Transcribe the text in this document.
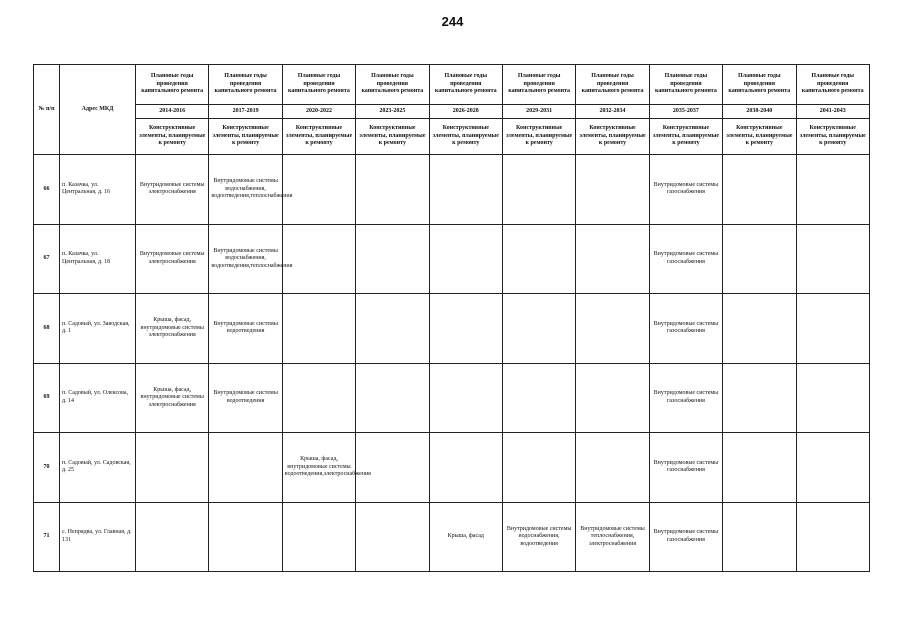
244
№ п/п	Адрес МКД	Плановые годы проведения капитального ремонта	Плановые годы проведения капитального ремонта	Плановые годы проведения капитального ремонта	Плановые годы проведения капитального ремонта	Плановые годы проведения капитального ремонта	Плановые годы проведения капитального ремонта	Плановые годы проведения капитального ремонта	Плановые годы проведения капитального ремонта	Плановые годы проведения капитального ремонта	Плановые годы проведения капитального ремонта
		2014-2016	2017-2019	2020-2022	2023-2025	2026-2028	2029-2031	2032-2034	2035-2037	2038-2040	2041-2043
		Конструктивные элементы, планируемые к ремонту	Конструктивные элементы, планируемые к ремонту	Конструктивные элементы, планируемые к ремонту	Конструктивные элементы, планируемые к ремонту	Конструктивные элементы, планируемые к ремонту	Конструктивные элементы, планируемые к ремонту	Конструктивные элементы, планируемые к ремонту	Конструктивные элементы, планируемые к ремонту	Конструктивные элементы, планируемые к ремонту	Конструктивные элементы, планируемые к ремонту
66	п. Казачка, ул. Центральная, д. 16	Внутридомовые системы электроснабжения	Внутридомовые системы водоснабжения, водоотведения,теплоснабжения						Внутридомовые системы газоснабжения		
67	п. Казачка, ул. Центральная, д. 18	Внутридомовые системы электроснабжения	Внутридомовые системы водоснабжения, водоотведения,теплоснабжения						Внутридомовые системы газоснабжения		
68	п. Садовый, ул. Заводская, д. 1	Крыша, фасад, внутридомовые системы электроснабжения	Внутридомовые системы водоотведения						Внутридомовые системы газоснабжения		
69	п. Садовый, ул. Олексова, д. 14	Крыша, фасад, внутридомовые системы электроснабжения	Внутридомовые системы водоотведения						Внутридомовые системы газоснабжения		
70	п. Садовый, ул. Садовская, д. 25			Крыша, фасад, внутридомовые системы водоотведения,электроснабжения					Внутридомовые системы газоснабжения		
71	с. Непрядва, ул. Главная, д. 131					Крыша, фасад	Внутридомовые системы водоснабжения, водоотведения	Внутридомовые системы теплоснабжения, электроснабжения	Внутридомовые системы газоснабжения		
